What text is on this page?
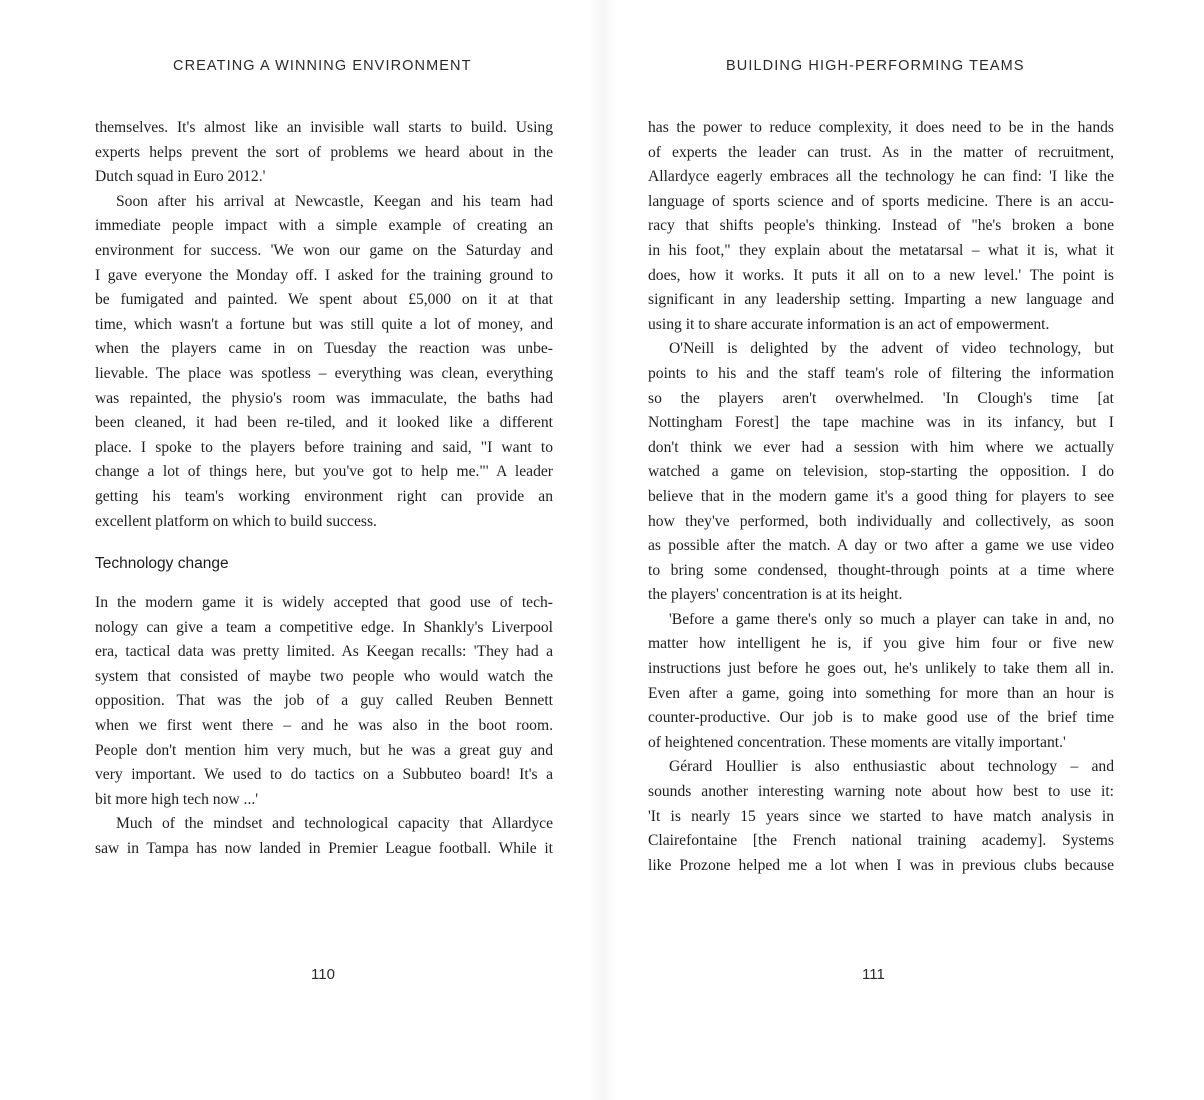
CREATING A WINNING ENVIRONMENT

themselves. It's almost like an invisible wall starts to build. Using
experts helps prevent the sort of problems we heard about in the
Dutch squad in Euro 2012.'

Soon after his arrival at Newcastle, Keegan and his team had
immediate people impact with a simple example of creating an
environment for success. 'We won our game on the Saturday and
I gave everyone the Monday off. I asked for the training ground to
be fumigated and painted. We spent about £5,000 on it at that
time, which wasn't a fortune but was still quite a lot of money, and
when the players came in on Tuesday the reaction was unbe-
lievable. The place was spotless – everything was clean, everything
was repainted, the physio's room was immaculate, the baths had
been cleaned, it had been re-tiled, and it looked like a different
place. I spoke to the players before training and said, "I want to
change a lot of things here, but you've got to help me."' A leader
getting his team's working environment right can provide an
excellent platform on which to build success.

Technology change

In the modern game it is widely accepted that good use of tech-
nology can give a team a competitive edge. In Shankly's Liverpool
era, tactical data was pretty limited. As Keegan recalls: 'They had a
system that consisted of maybe two people who would watch the
opposition. That was the job of a guy called Reuben Bennett
when we first went there – and he was also in the boot room.
People don't mention him very much, but he was a great guy and
very important. We used to do tactics on a Subbuteo board! It's a
bit more high tech now ...'

Much of the mindset and technological capacity that Allardyce
saw in Tampa has now landed in Premier League football. While it

110
BUILDING HIGH-PERFORMING TEAMS

has the power to reduce complexity, it does need to be in the hands
of experts the leader can trust. As in the matter of recruitment,
Allardyce eagerly embraces all the technology he can find: 'I like the
language of sports science and of sports medicine. There is an accu-
racy that shifts people's thinking. Instead of "he's broken a bone
in his foot," they explain about the metatarsal – what it is, what it
does, how it works. It puts it all on to a new level.' The point is
significant in any leadership setting. Imparting a new language and
using it to share accurate information is an act of empowerment.

O'Neill is delighted by the advent of video technology, but
points to his and the staff team's role of filtering the information
so the players aren't overwhelmed. 'In Clough's time [at
Nottingham Forest] the tape machine was in its infancy, but I
don't think we ever had a session with him where we actually
watched a game on television, stop-starting the opposition. I do
believe that in the modern game it's a good thing for players to see
how they've performed, both individually and collectively, as soon
as possible after the match. A day or two after a game we use video
to bring some condensed, thought-through points at a time where
the players' concentration is at its height.

'Before a game there's only so much a player can take in and, no
matter how intelligent he is, if you give him four or five new
instructions just before he goes out, he's unlikely to take them all in.
Even after a game, going into something for more than an hour is
counter-productive. Our job is to make good use of the brief time
of heightened concentration. These moments are vitally important.'

Gérard Houllier is also enthusiastic about technology – and
sounds another interesting warning note about how best to use it:
'It is nearly 15 years since we started to have match analysis in
Clairefontaine [the French national training academy]. Systems
like Prozone helped me a lot when I was in previous clubs because

111
